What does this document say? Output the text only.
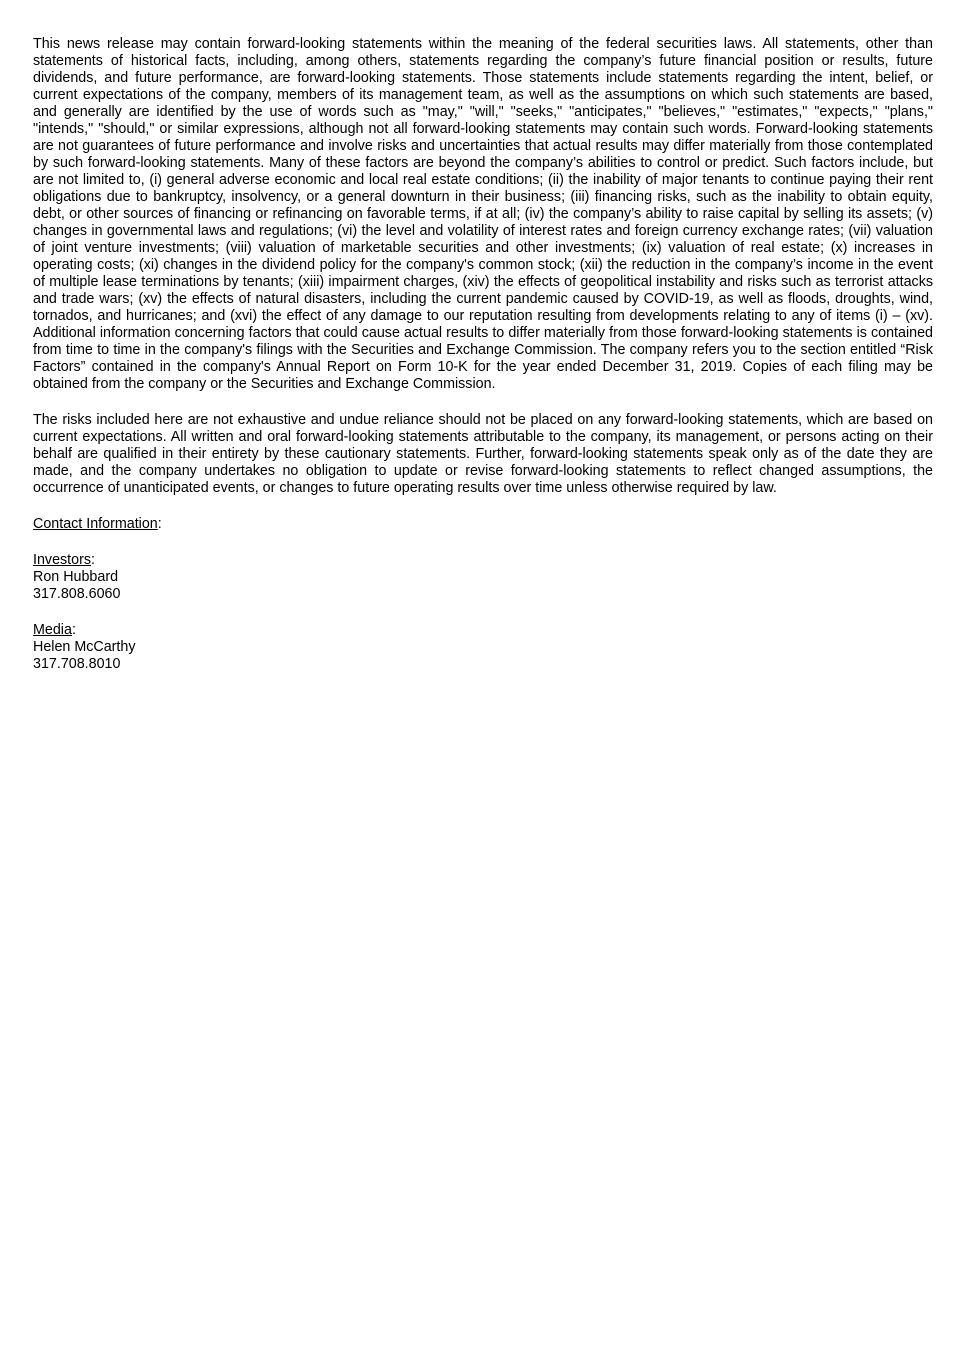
This news release may contain forward-looking statements within the meaning of the federal securities laws. All statements, other than statements of historical facts, including, among others, statements regarding the company’s future financial position or results, future dividends, and future performance, are forward-looking statements. Those statements include statements regarding the intent, belief, or current expectations of the company, members of its management team, as well as the assumptions on which such statements are based, and generally are identified by the use of words such as "may," "will," "seeks," "anticipates," "believes," "estimates," "expects," "plans," "intends," "should," or similar expressions, although not all forward-looking statements may contain such words. Forward-looking statements are not guarantees of future performance and involve risks and uncertainties that actual results may differ materially from those contemplated by such forward-looking statements. Many of these factors are beyond the company’s abilities to control or predict. Such factors include, but are not limited to, (i) general adverse economic and local real estate conditions; (ii) the inability of major tenants to continue paying their rent obligations due to bankruptcy, insolvency, or a general downturn in their business; (iii) financing risks, such as the inability to obtain equity, debt, or other sources of financing or refinancing on favorable terms, if at all; (iv) the company’s ability to raise capital by selling its assets; (v) changes in governmental laws and regulations; (vi) the level and volatility of interest rates and foreign currency exchange rates; (vii) valuation of joint venture investments; (viii) valuation of marketable securities and other investments; (ix) valuation of real estate; (x) increases in operating costs; (xi) changes in the dividend policy for the company's common stock; (xii) the reduction in the company’s income in the event of multiple lease terminations by tenants; (xiii) impairment charges, (xiv) the effects of geopolitical instability and risks such as terrorist attacks and trade wars; (xv) the effects of natural disasters, including the current pandemic caused by COVID-19, as well as floods, droughts, wind, tornados, and hurricanes; and (xvi) the effect of any damage to our reputation resulting from developments relating to any of items (i) – (xv). Additional information concerning factors that could cause actual results to differ materially from those forward-looking statements is contained from time to time in the company's filings with the Securities and Exchange Commission. The company refers you to the section entitled “Risk Factors” contained in the company's Annual Report on Form 10-K for the year ended December 31, 2019. Copies of each filing may be obtained from the company or the Securities and Exchange Commission.

The risks included here are not exhaustive and undue reliance should not be placed on any forward-looking statements, which are based on current expectations. All written and oral forward-looking statements attributable to the company, its management, or persons acting on their behalf are qualified in their entirety by these cautionary statements. Further, forward-looking statements speak only as of the date they are made, and the company undertakes no obligation to update or revise forward-looking statements to reflect changed assumptions, the occurrence of unanticipated events, or changes to future operating results over time unless otherwise required by law.

Contact Information:
Investors:
Ron Hubbard
317.808.6060
Media:
Helen McCarthy
317.708.8010
